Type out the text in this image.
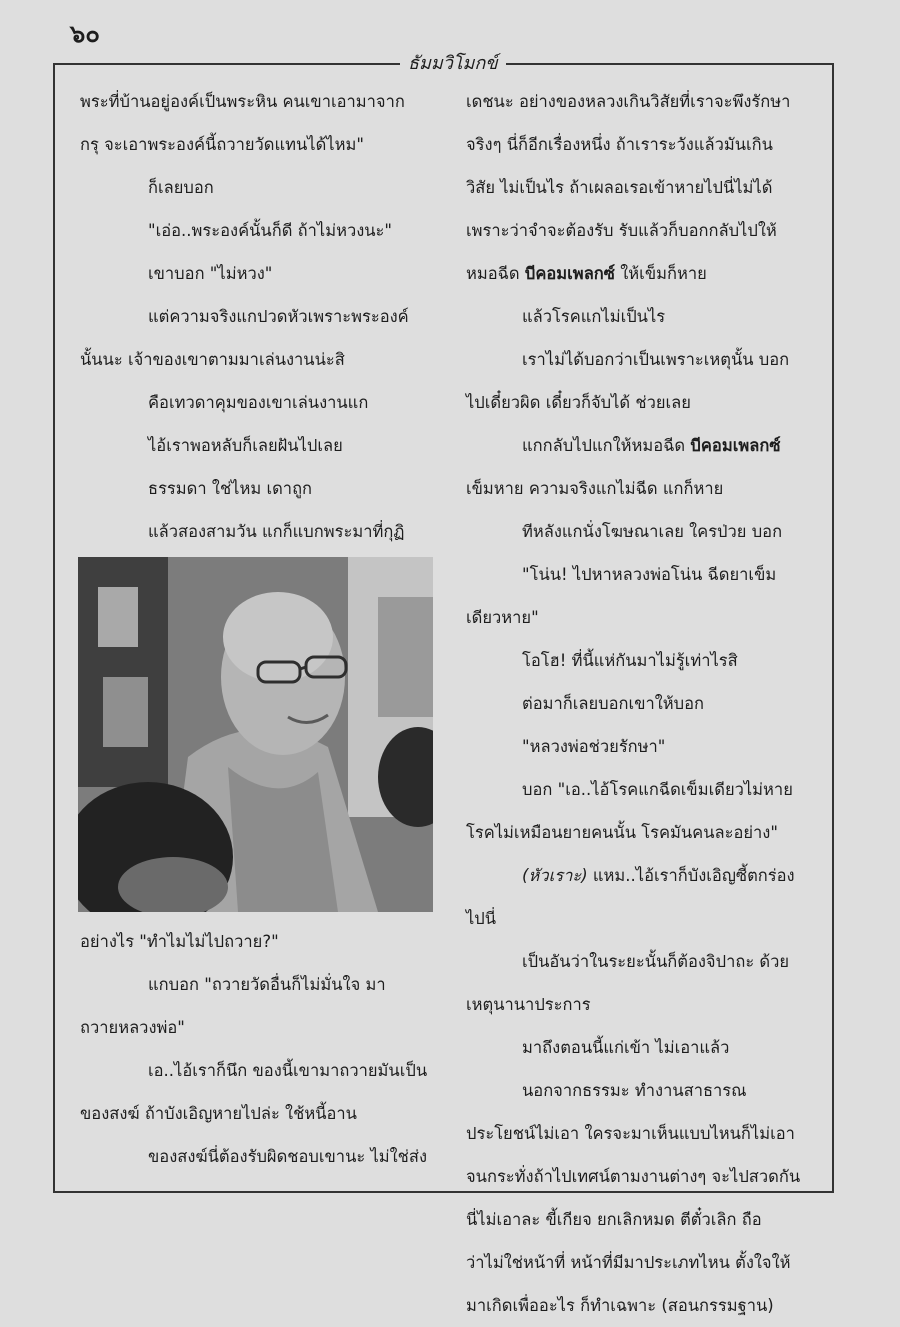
๖๐
ธัมมวิโมกข์
พระที่บ้านอยู่องค์เป็นพระหิน คนเขาเอามาจาก
กรุ จะเอาพระองค์นี้ถวายวัดแทนได้ไหม"
ก็เลยบอก
"เอ่อ..พระองค์นั้นก็ดี ถ้าไม่หวงนะ"
เขาบอก "ไม่หวง"
แต่ความจริงแกปวดหัวเพราะพระองค์
นั้นนะ เจ้าของเขาตามมาเล่นงานน่ะสิ
คือเทวดาคุมของเขาเล่นงานแก
ไอ้เราพอหลับก็เลยฝันไปเลย
ธรรมดา ใช่ไหม เดาถูก
แล้วสองสามวัน แกก็แบกพระมาที่กุฏิ
อย่างไร "ทำไมไม่ไปถวาย?"
แกบอก "ถวายวัดอื่นก็ไม่มั่นใจ มา
ถวายหลวงพ่อ"
เอ..ไอ้เราก็นึก ของนี้เขามาถวายมันเป็น
ของสงฆ์ ถ้าบังเอิญหายไปล่ะ ใช้หนี้อาน
ของสงฆ์นี่ต้องรับผิดชอบเขานะ ไม่ใช่ส่ง
เดชนะ อย่างของหลวงเกินวิสัยที่เราจะพึงรักษา
จริงๆ นี่ก็อีกเรื่องหนึ่ง ถ้าเราระวังแล้วมันเกิน
วิสัย ไม่เป็นไร ถ้าเผลอเรอเข้าหายไปนี่ไม่ได้
เพราะว่าจำจะต้องรับ รับแล้วก็บอกกลับไปให้
หมอฉีด บีคอมเพลกซ์ ให้เข็มก็หาย
แล้วโรคแกไม่เป็นไร
เราไม่ได้บอกว่าเป็นเพราะเหตุนั้น บอก
ไปเดี๋ยวผิด เดี๋ยวก็จับได้ ช่วยเลย
แกกลับไปแกให้หมอฉีด บีคอมเพลกซ์
เข็มหาย ความจริงแกไม่ฉีด แกก็หาย
ทีหลังแกนั่งโฆษณาเลย ใครป่วย บอก
"โน่น! ไปหาหลวงพ่อโน่น ฉีดยาเข็ม
เดียวหาย"
โอโฮ! ที่นี้แห่กันมาไม่รู้เท่าไรสิ
ต่อมาก็เลยบอกเขาให้บอก
"หลวงพ่อช่วยรักษา"
บอก "เอ..ไอ้โรคแกฉีดเข็มเดียวไม่หาย
โรคไม่เหมือนยายคนนั้น โรคมันคนละอย่าง"
(หัวเราะ) แหม..ไอ้เราก็บังเอิญซี้ตกร่อง
ไปนี่
เป็นอันว่าในระยะนั้นก็ต้องจิปาถะ ด้วย
เหตุนานาประการ
มาถึงตอนนี้แก่เข้า ไม่เอาแล้ว
นอกจากธรรมะ ทำงานสาธารณ
ประโยชน์ไม่เอา ใครจะมาเห็นแบบไหนก็ไม่เอา
จนกระทั่งถ้าไปเทศน์ตามงานต่างๆ จะไปสวดกัน
นี่ไม่เอาละ ขี้เกียจ ยกเลิกหมด ตีตั๋วเลิก ถือ
ว่าไม่ใช่หน้าที่ หน้าที่มีมาประเภทไหน ตั้งใจให้
มาเกิดเพื่ออะไร ก็ทำเฉพาะ (สอนกรรมฐาน)
